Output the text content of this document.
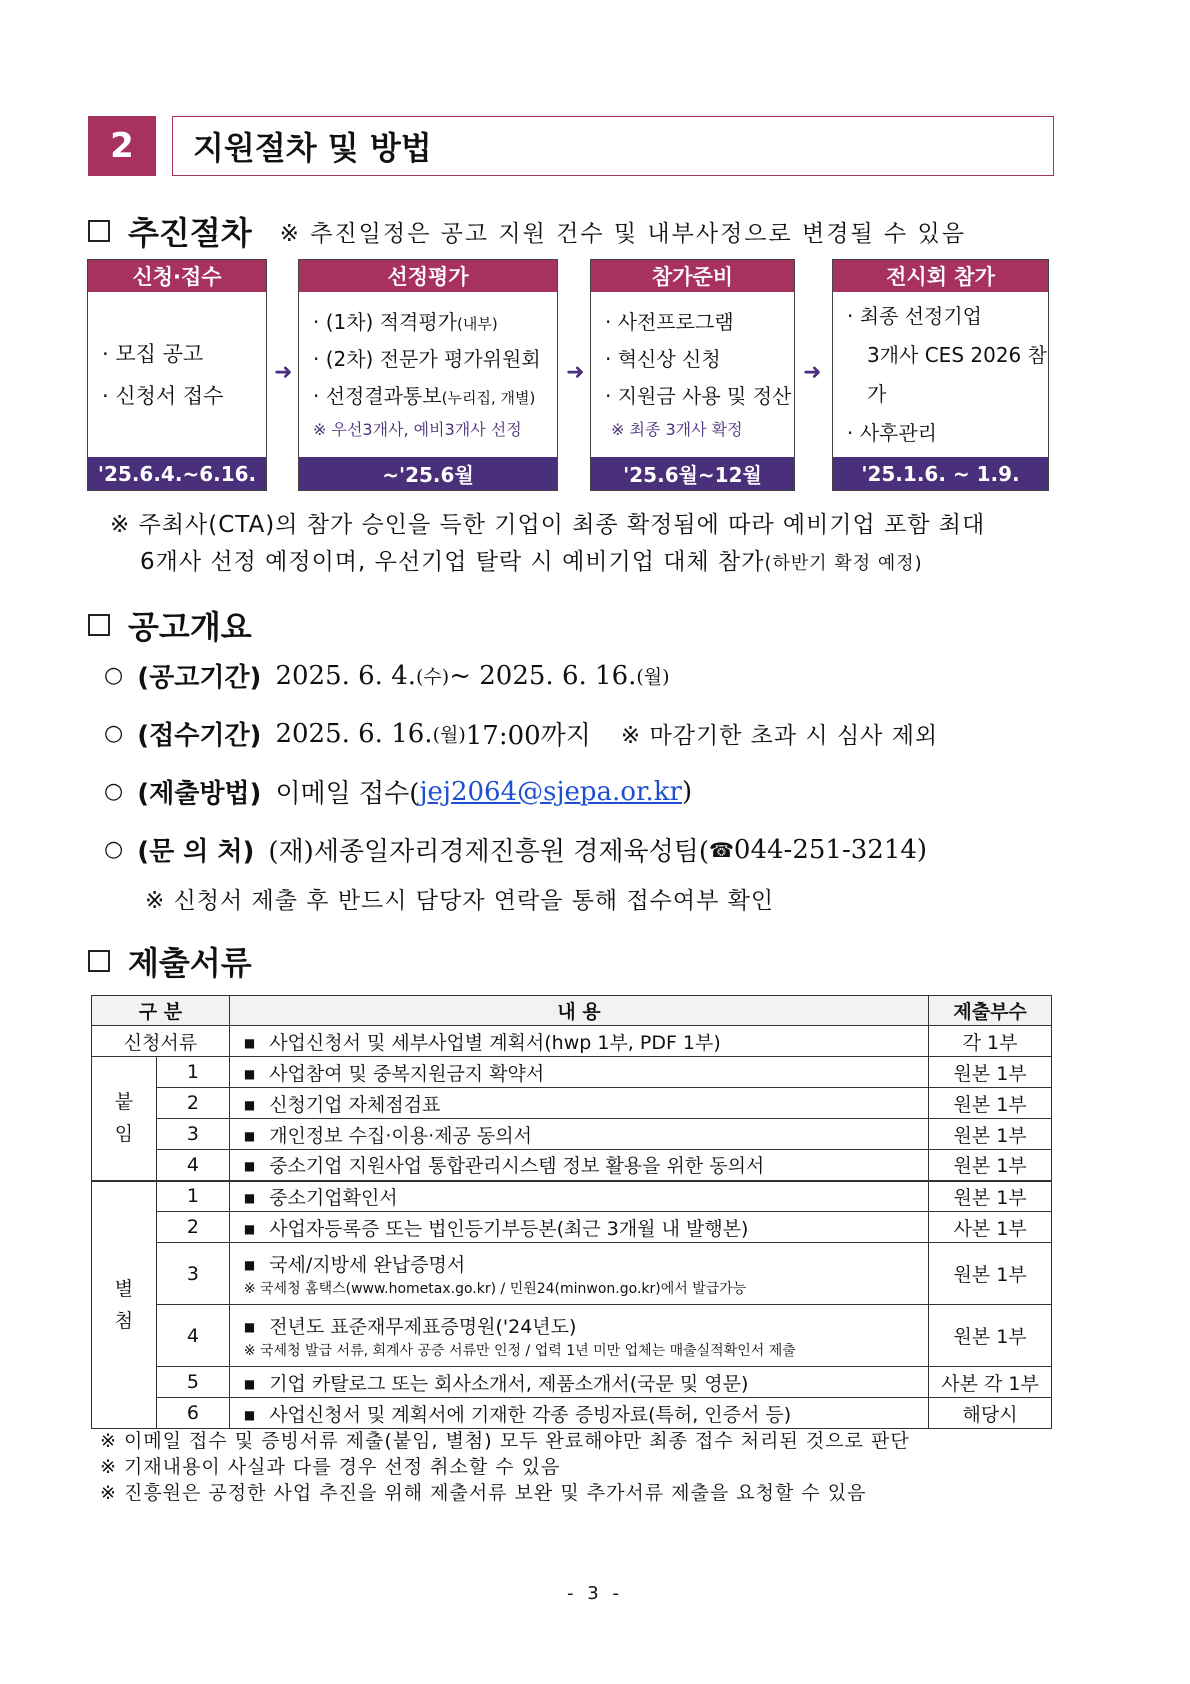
2	지원절차 및 방법
추진절차 ※ 추진일정은 공고 지원 건수 및 내부사정으로 변경될 수 있음
신청·접수
· 모집 공고
· 신청서 접수
'25.6.4.~6.16.
➜
선정평가
· (1차) 적격평가(내부)
· (2차) 전문가 평가위원회
· 선정결과통보(누리집, 개별)
※ 우선3개사, 예비3개사 선정
~'25.6월
➜
참가준비
· 사전프로그램
· 혁신상 신청
· 지원금 사용 및 정산
※ 최종 3개사 확정
'25.6월~12월
➜
전시회 참가
· 최종 선정기업
3개사 CES 2026 참가
· 사후관리
'25.1.6. ~ 1.9.
※ 주최사(CTA)의 참가 승인을 득한 기업이 최종 확정됨에 따라 예비기업 포함 최대
6개사 선정 예정이며, 우선기업 탈락 시 예비기업 대체 참가(하반기 확정 예정)
공고개요
○ (공고기간) 2025. 6. 4. (수) ~ 2025. 6. 16. (월)
○ (접수기간) 2025. 6. 16. (월) 17:00까지 ※ 마감기한 초과 시 심사 제외
○ (제출방법) 이메일 접수( jej2064@sjepa.or.kr )
○ (문 의 처) (재)세종일자리경제진흥원 경제육성팀( ☎ 044-251-3214)
※ 신청서 제출 후 반드시 담당자 연락을 통해 접수여부 확인
제출서류
구 분		내 용	제출부수
신청서류		■ 사업신청서 및 세부사업별 계획서(hwp 1부, PDF 1부)	각 1부
붙
임	1	■ 사업참여 및 중복지원금지 확약서	원본 1부
	2	■ 신청기업 자체점검표	원본 1부
	3	■ 개인정보 수집·이용·제공 동의서	원본 1부
	4	■ 중소기업 지원사업 통합관리시스템 정보 활용을 위한 동의서	원본 1부
별
첨	1	■ 중소기업확인서	원본 1부
	2	■ 사업자등록증 또는 법인등기부등본(최근 3개월 내 발행본)	사본 1부
	3	■ 국세/지방세 완납증명서
※ 국세청 홈택스(www.hometax.go.kr) / 민원24(minwon.go.kr)에서 발급가능	원본 1부
	4	■ 전년도 표준재무제표증명원('24년도)
※ 국세청 발급 서류, 회계사 공증 서류만 인정 / 업력 1년 미만 업체는 매출실적확인서 제출	원본 1부
	5	■ 기업 카탈로그 또는 회사소개서, 제품소개서(국문 및 영문)	사본 각 1부
	6	■ 사업신청서 및 계획서에 기재한 각종 증빙자료(특허, 인증서 등)	해당시
※ 이메일 접수 및 증빙서류 제출(붙임, 별첨) 모두 완료해야만 최종 접수 처리된 것으로 판단
※ 기재내용이 사실과 다를 경우 선정 취소할 수 있음
※ 진흥원은 공정한 사업 추진을 위해 제출서류 보완 및 추가서류 제출을 요청할 수 있음
- 3 -
